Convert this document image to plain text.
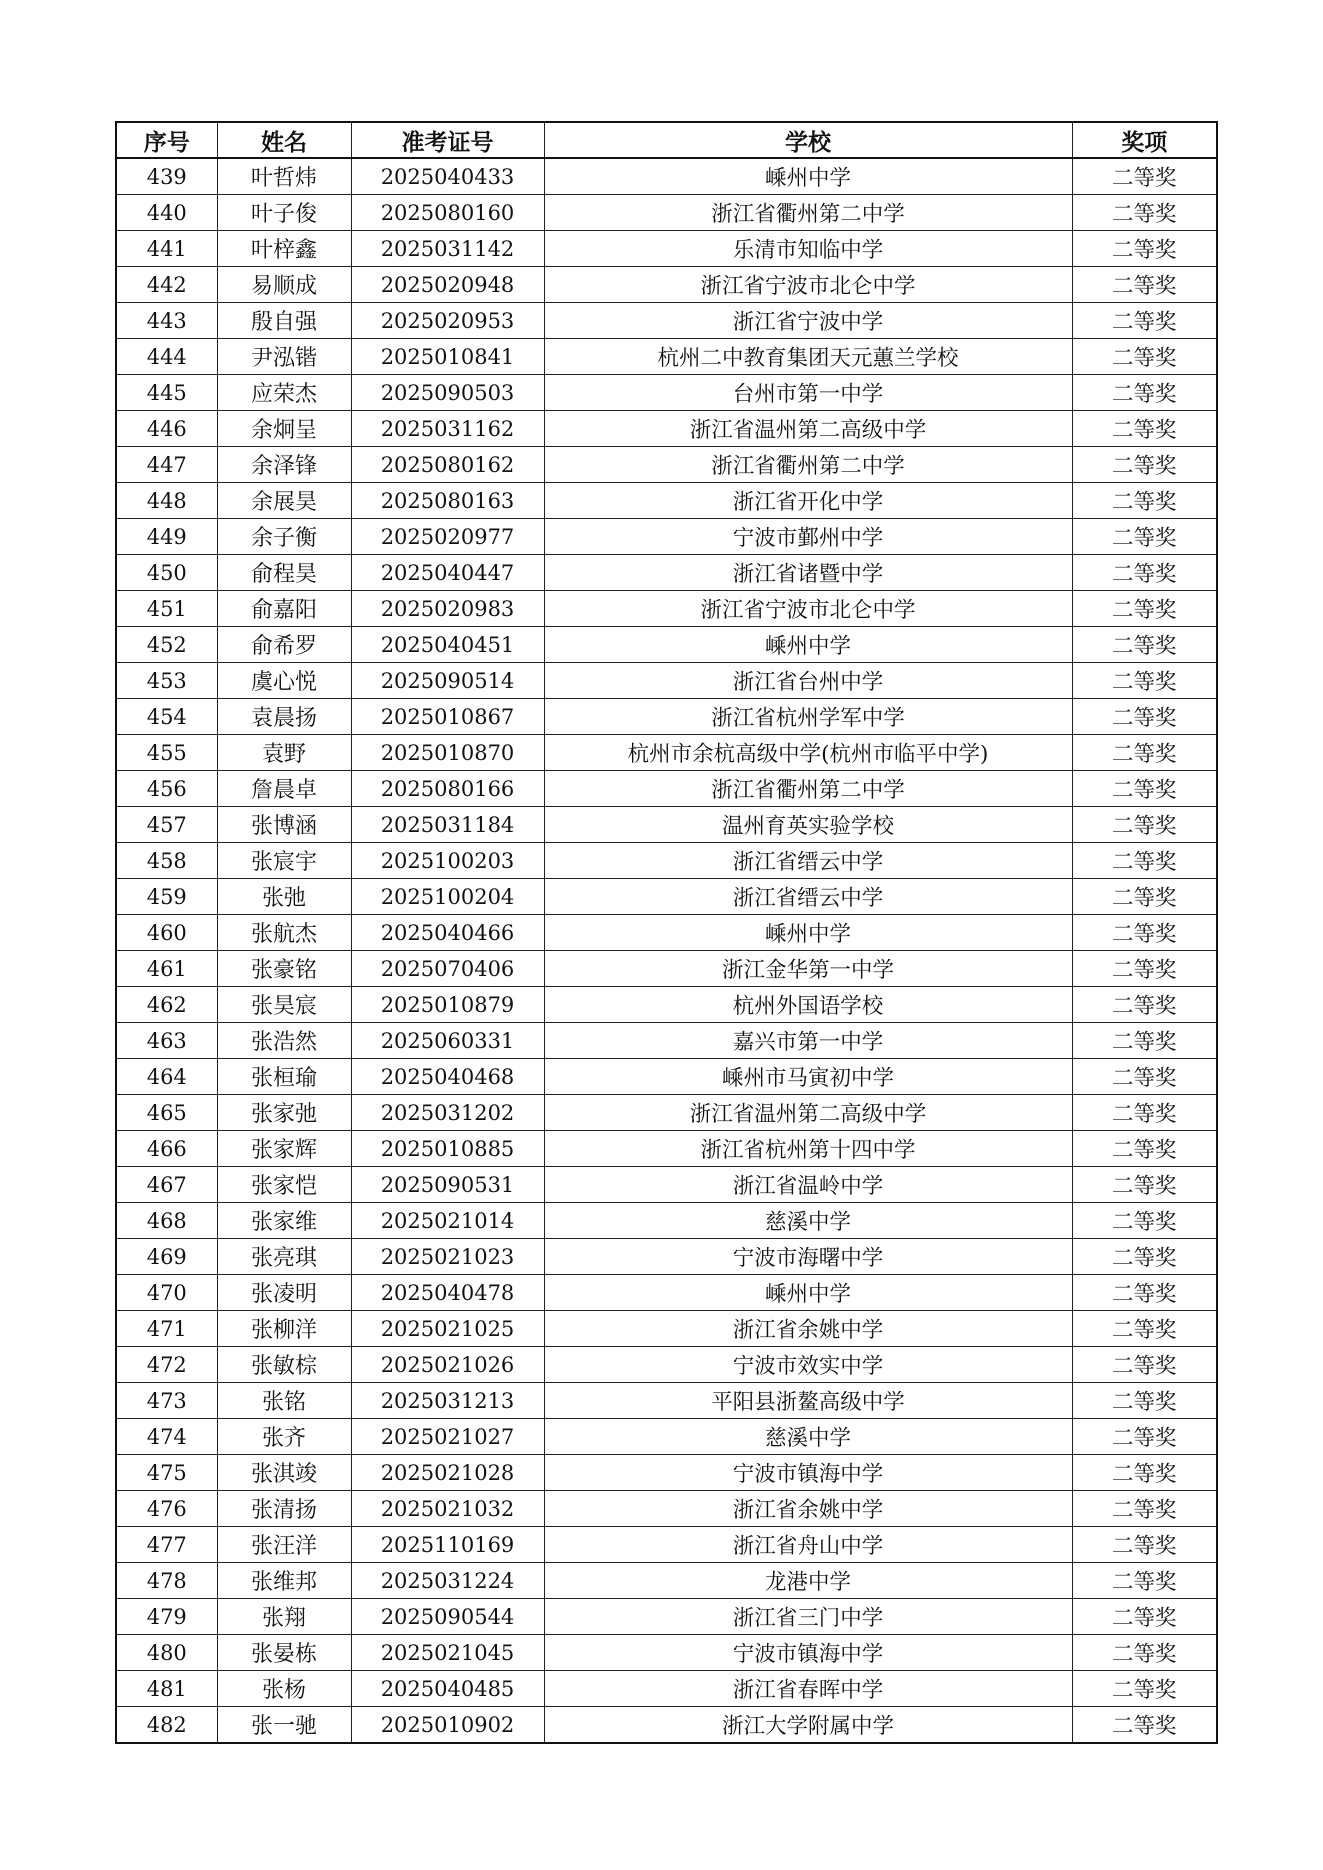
序号	姓名	准考证号	学校	奖项
439	叶哲炜	2025040433	嵊州中学	二等奖
440	叶子俊	2025080160	浙江省衢州第二中学	二等奖
441	叶梓鑫	2025031142	乐清市知临中学	二等奖
442	易顺成	2025020948	浙江省宁波市北仑中学	二等奖
443	殷自强	2025020953	浙江省宁波中学	二等奖
444	尹泓锴	2025010841	杭州二中教育集团天元蕙兰学校	二等奖
445	应荣杰	2025090503	台州市第一中学	二等奖
446	余炯呈	2025031162	浙江省温州第二高级中学	二等奖
447	余泽锋	2025080162	浙江省衢州第二中学	二等奖
448	余展昊	2025080163	浙江省开化中学	二等奖
449	余子衡	2025020977	宁波市鄞州中学	二等奖
450	俞程昊	2025040447	浙江省诸暨中学	二等奖
451	俞嘉阳	2025020983	浙江省宁波市北仑中学	二等奖
452	俞希罗	2025040451	嵊州中学	二等奖
453	虞心悦	2025090514	浙江省台州中学	二等奖
454	袁晨扬	2025010867	浙江省杭州学军中学	二等奖
455	袁野	2025010870	杭州市余杭高级中学(杭州市临平中学)	二等奖
456	詹晨卓	2025080166	浙江省衢州第二中学	二等奖
457	张博涵	2025031184	温州育英实验学校	二等奖
458	张宸宇	2025100203	浙江省缙云中学	二等奖
459	张弛	2025100204	浙江省缙云中学	二等奖
460	张航杰	2025040466	嵊州中学	二等奖
461	张豪铭	2025070406	浙江金华第一中学	二等奖
462	张昊宸	2025010879	杭州外国语学校	二等奖
463	张浩然	2025060331	嘉兴市第一中学	二等奖
464	张桓瑜	2025040468	嵊州市马寅初中学	二等奖
465	张家弛	2025031202	浙江省温州第二高级中学	二等奖
466	张家辉	2025010885	浙江省杭州第十四中学	二等奖
467	张家恺	2025090531	浙江省温岭中学	二等奖
468	张家维	2025021014	慈溪中学	二等奖
469	张亮琪	2025021023	宁波市海曙中学	二等奖
470	张凌明	2025040478	嵊州中学	二等奖
471	张柳洋	2025021025	浙江省余姚中学	二等奖
472	张敏棕	2025021026	宁波市效实中学	二等奖
473	张铭	2025031213	平阳县浙鳌高级中学	二等奖
474	张齐	2025021027	慈溪中学	二等奖
475	张淇竣	2025021028	宁波市镇海中学	二等奖
476	张清扬	2025021032	浙江省余姚中学	二等奖
477	张汪洋	2025110169	浙江省舟山中学	二等奖
478	张维邦	2025031224	龙港中学	二等奖
479	张翔	2025090544	浙江省三门中学	二等奖
480	张晏栋	2025021045	宁波市镇海中学	二等奖
481	张杨	2025040485	浙江省春晖中学	二等奖
482	张一驰	2025010902	浙江大学附属中学	二等奖
